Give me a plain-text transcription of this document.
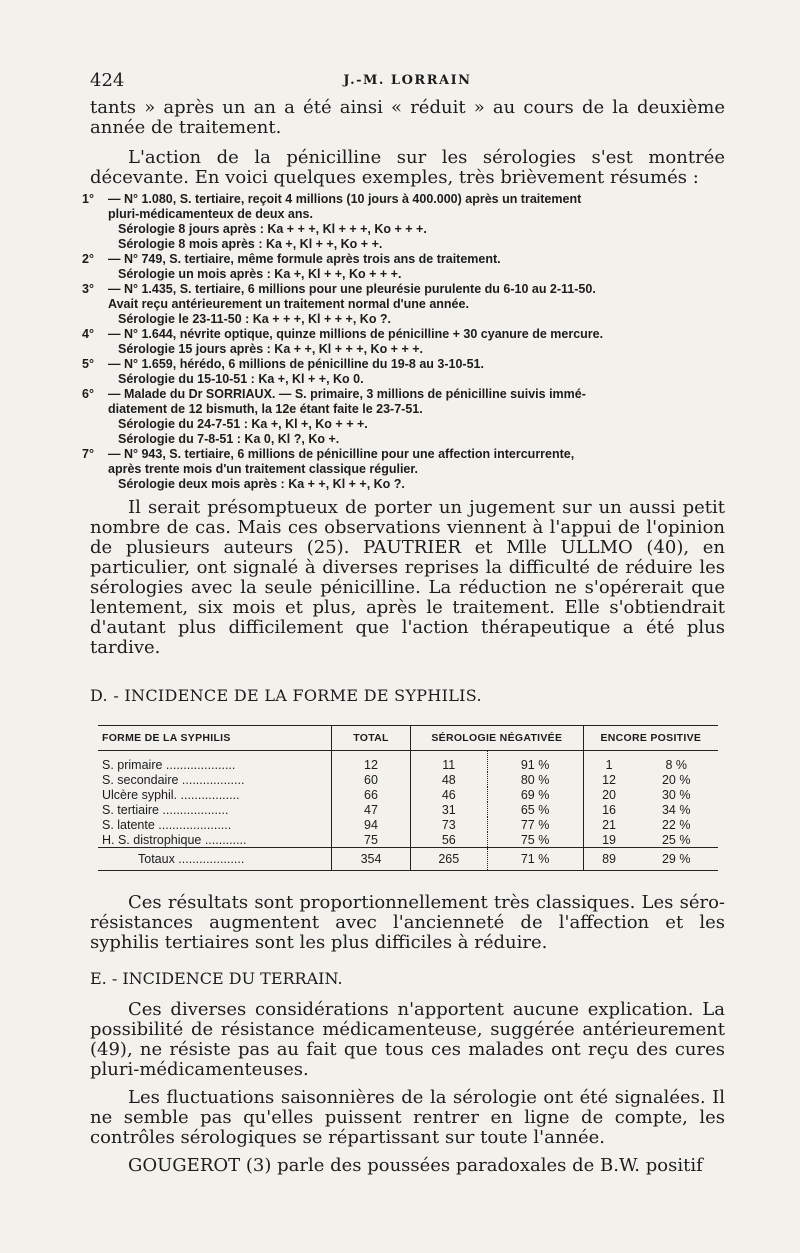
424	J.-M. LORRAIN

tants » après un an a été ainsi « réduit » au cours de la deuxième année de traitement.

L'action de la pénicilline sur les sérologies s'est montrée décevante. En voici quelques exemples, très brièvement résumés :

1°	— N° 1.080, S. tertiaire, reçoit 4 millions (10 jours à 400.000) après un traitement
pluri-médicamenteux de deux ans.
Sérologie 8 jours après : Ka + + +, Kl + + +, Ko + + +.
Sérologie 8 mois après : Ka +, Kl + +, Ko + +.
2°	— N° 749, S. tertiaire, même formule après trois ans de traitement.
Sérologie un mois après : Ka +, Kl + +, Ko + + +.
3°	— N° 1.435, S. tertiaire, 6 millions pour une pleurésie purulente du 6-10 au 2-11-50.
Avait reçu antérieurement un traitement normal d'une année.
Sérologie le 23-11-50 : Ka + + +, Kl + + +, Ko ?.
4°	— N° 1.644, névrite optique, quinze millions de pénicilline + 30 cyanure de mercure.
Sérologie 15 jours après : Ka + +, Kl + + +, Ko + + +.
5°	— N° 1.659, hérédo, 6 millions de pénicilline du 19-8 au 3-10-51.
Sérologie du 15-10-51 : Ka +, Kl + +, Ko 0.
6°	— Malade du Dr SORRIAUX. — S. primaire, 3 millions de pénicilline suivis immé-
diatement de 12 bismuth, la 12e étant faite le 23-7-51.
Sérologie du 24-7-51 : Ka +, Kl +, Ko + + +.
Sérologie du 7-8-51 : Ka 0, Kl ?, Ko +.
7°	— N° 943, S. tertiaire, 6 millions de pénicilline pour une affection intercurrente,
après trente mois d'un traitement classique régulier.
Sérologie deux mois après : Ka + +, Kl + +, Ko ?.

Il serait présomptueux de porter un jugement sur un aussi petit nombre de cas. Mais ces observations viennent à l'appui de l'opinion de plusieurs auteurs (25). PAUTRIER et Mlle ULLMO (40), en particulier, ont signalé à diverses reprises la difficulté de réduire les sérologies avec la seule pénicilline. La réduction ne s'opérerait que lentement, six mois et plus, après le traitement. Elle s'obtiendrait d'autant plus difficilement que l'action thérapeutique a été plus tardive.

D. - INCIDENCE DE LA FORME DE SYPHILIS.
FORME DE LA SYPHILIS	TOTAL	SÉROLOGIE NÉGATIVÉE		ENCORE POSITIVE	
S. primaire ....................	12	11	91 %	1	8 %
S. secondaire ..................	60	48	80 %	12	20 %
Ulcère syphil. .................	66	46	69 %	20	30 %
S. tertiaire ...................	47	31	65 %	16	34 %
S. latente .....................	94	73	77 %	21	22 %
H. S. distrophique ............	75	56	75 %	19	25 %
Totaux ...................	354	265	71 %	89	29 %

Ces résultats sont proportionnellement très classiques. Les séro-résistances augmentent avec l'ancienneté de l'affection et les syphilis tertiaires sont les plus difficiles à réduire.

E. - INCIDENCE DU TERRAIN.

Ces diverses considérations n'apportent aucune explication. La possibilité de résistance médicamenteuse, suggérée antérieurement (49), ne résiste pas au fait que tous ces malades ont reçu des cures pluri-médicamenteuses.

Les fluctuations saisonnières de la sérologie ont été signalées. Il ne semble pas qu'elles puissent rentrer en ligne de compte, les contrôles sérologiques se répartissant sur toute l'année.

GOUGEROT (3) parle des poussées paradoxales de B.W. positif
